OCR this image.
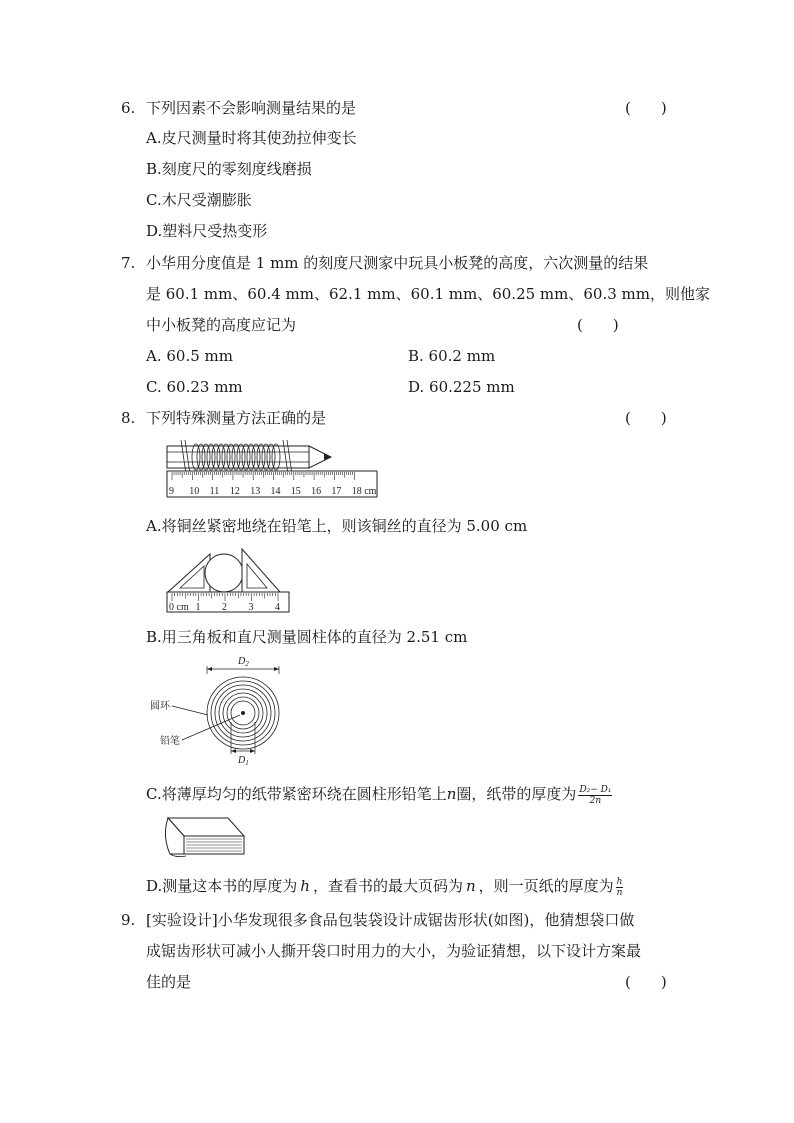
6. 下列因素不会影响测量结果的是	(　　)
A.皮尺测量时将其使劲拉伸变长
B.刻度尺的零刻度线磨损
C.木尺受潮膨胀
D.塑料尺受热变形
7. 小华用分度值是 1 mm 的刻度尺测家中玩具小板凳的高度，六次测量的结果
是 60.1 mm、60.4 mm、62.1 mm、60.1 mm、60.25 mm、60.3 mm，则他家
中小板凳的高度应记为	(　　)
A. 60.5 mm	B. 60.2 mm
C. 60.23 mm	D. 60.225 mm
8. 下列特殊测量方法正确的是	(　　)
9 10 11 12 13 14 15 16 17 18 cm
A.将铜丝紧密地绕在铅笔上，则该铜丝的直径为 5.00 cm
0 cm 1 2 3 4
B.用三角板和直尺测量圆柱体的直径为 2.51 cm
$D_2$
$D_1$
圆环
铅笔
C.将薄厚均匀的纸带紧密环绕在圆柱形铅笔上n圈，纸带的厚度为 $\frac{\text{D₂− D₁}}{2n}$
D.测量这本书的厚度为 h ，查看书的最大页码为 n ，则一页纸的厚度为 $\frac{h}{n}$
9. [实验设计]小华发现很多食品包装袋设计成锯齿形状(如图)，他猜想袋口做
成锯齿形状可减小人撕开袋口时用力的大小，为验证猜想，以下设计方案最
佳的是	(　　)
